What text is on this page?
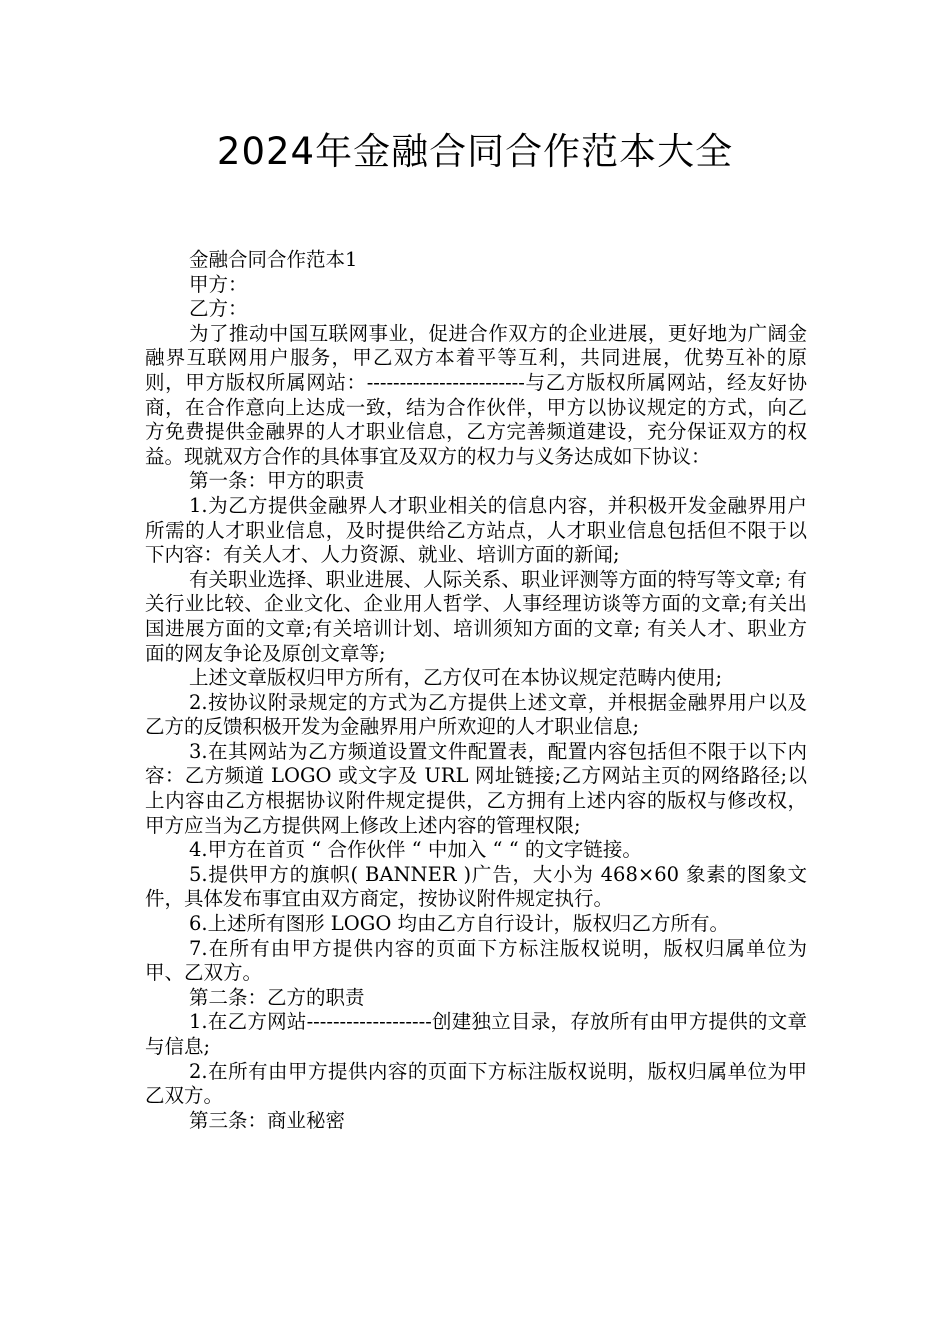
2024年金融合同合作范本大全

金融合同合作范本1

甲方：

乙方：

为了推动中国互联网事业，促进合作双方的企业进展，更好地为广阔金融界互联网用户服务，甲乙双方本着平等互利，共同进展，优势互补的原则，甲方版权所属网站：------------------------与乙方版权所属网站，经友好协商，在合作意向上达成一致，结为合作伙伴，甲方以协议规定的方式，向乙方免费提供金融界的人才职业信息，乙方完善频道建设，充分保证双方的权益。现就双方合作的具体事宜及双方的权力与义务达成如下协议：

第一条：甲方的职责

1.为乙方提供金融界人才职业相关的信息内容，并积极开发金融界用户所需的人才职业信息，及时提供给乙方站点，人才职业信息包括但不限于以下内容：有关人才、人力资源、就业、培训方面的新闻;

有关职业选择、职业进展、人际关系、职业评测等方面的特写等文章; 有关行业比较、企业文化、企业用人哲学、人事经理访谈等方面的文章;有关出国进展方面的文章;有关培训计划、培训须知方面的文章; 有关人才、职业方面的网友争论及原创文章等;

上述文章版权归甲方所有，乙方仅可在本协议规定范畴内使用;

2.按协议附录规定的方式为乙方提供上述文章，并根据金融界用户以及乙方的反馈积极开发为金融界用户所欢迎的人才职业信息;

3.在其网站为乙方频道设置文件配置表，配置内容包括但不限于以下内容：乙方频道 LOGO 或文字及 URL 网址链接;乙方网站主页的网络路径;以上内容由乙方根据协议附件规定提供，乙方拥有上述内容的版权与修改权，甲方应当为乙方提供网上修改上述内容的管理权限;

4.甲方在首页 “ 合作伙伴 “ 中加入 “ “ 的文字链接。

5.提供甲方的旗帜( BANNER )广告，大小为 468×60 象素的图象文件，具体发布事宜由双方商定，按协议附件规定执行。

6.上述所有图形 LOGO 均由乙方自行设计，版权归乙方所有。

7.在所有由甲方提供内容的页面下方标注版权说明，版权归属单位为甲、乙双方。

第二条：乙方的职责

1.在乙方网站-------------------创建独立目录，存放所有由甲方提供的文章与信息;

2.在所有由甲方提供内容的页面下方标注版权说明，版权归属单位为甲乙双方。

第三条：商业秘密
